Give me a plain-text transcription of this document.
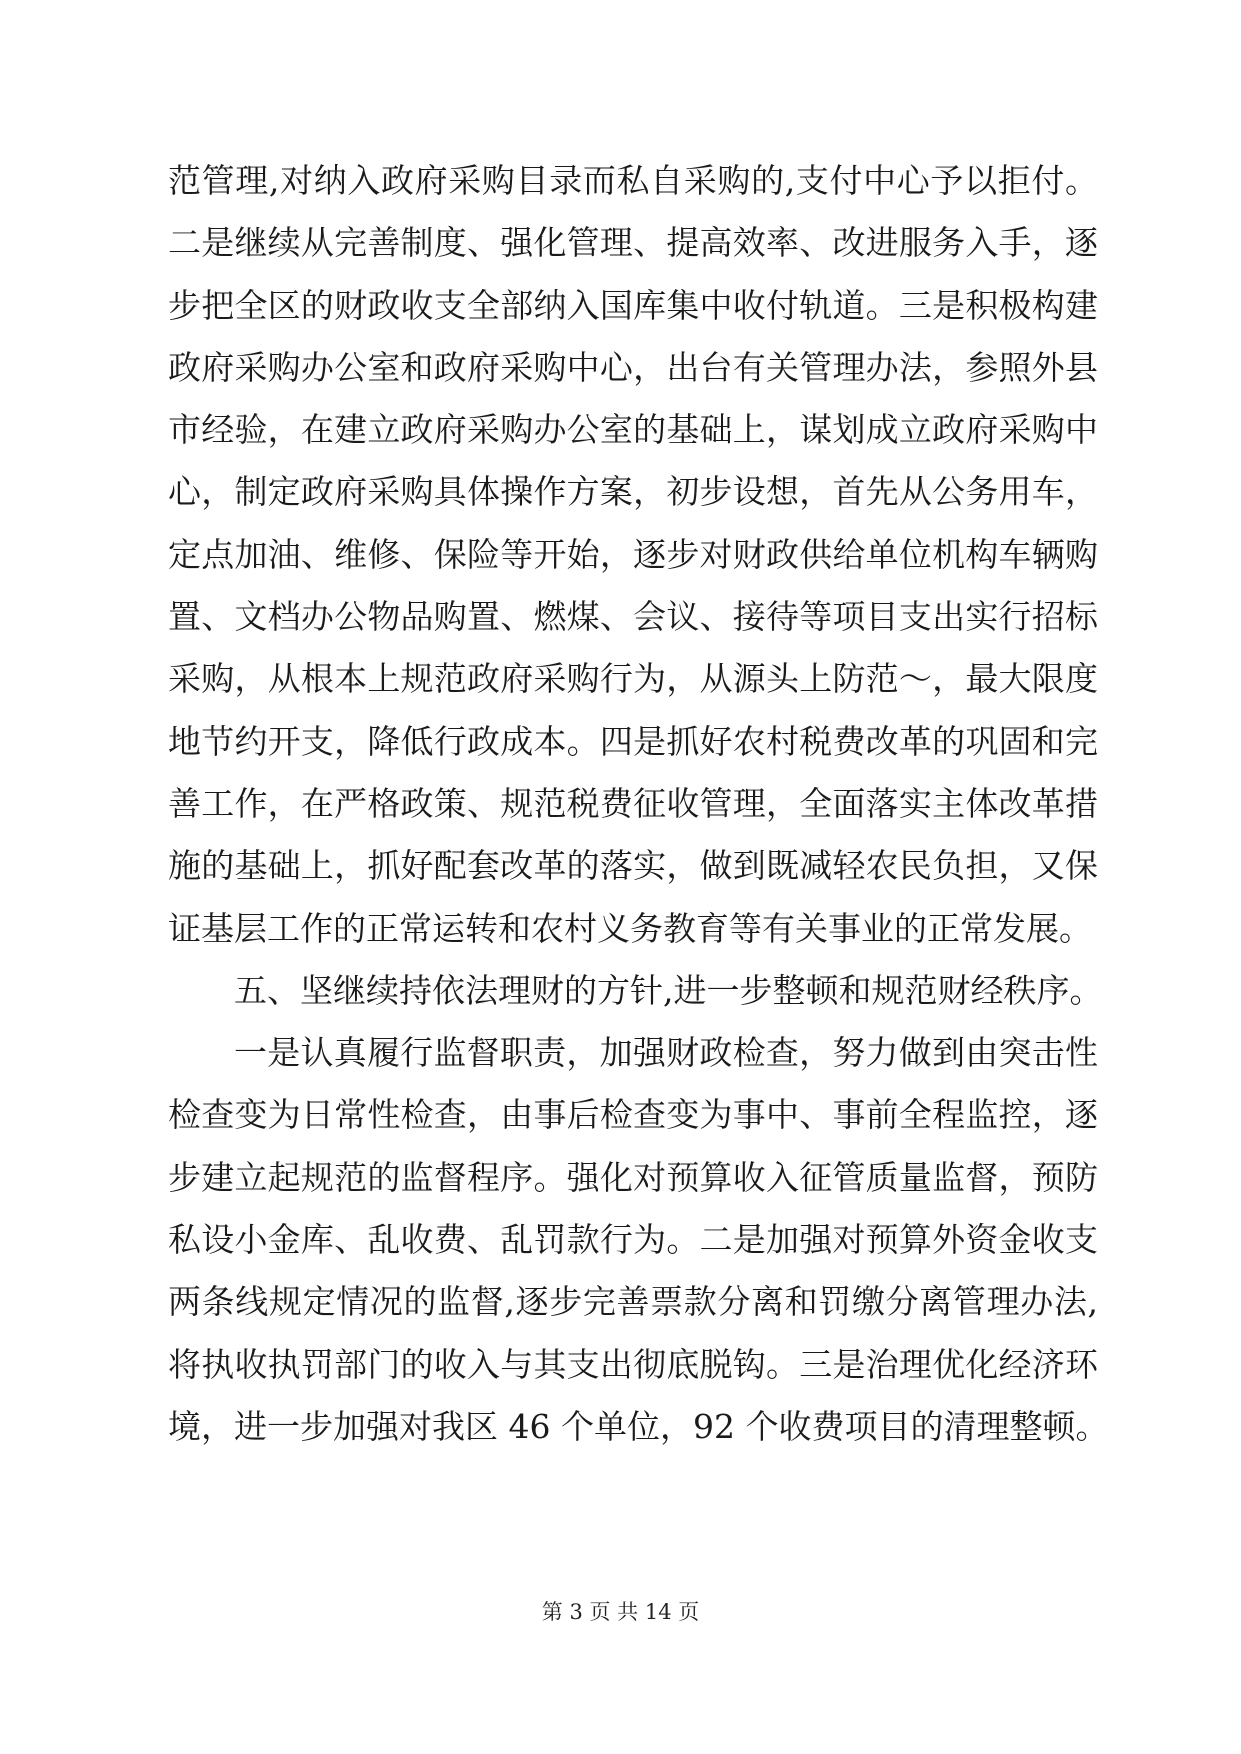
范管理,对纳入政府采购目录而私自采购的,支付中心予以拒付。
二是继续从完善制度、强化管理、提高效率、改进服务入手，逐
步把全区的财政收支全部纳入国库集中收付轨道。三是积极构建
政府采购办公室和政府采购中心，出台有关管理办法，参照外县
市经验，在建立政府采购办公室的基础上，谋划成立政府采购中
心，制定政府采购具体操作方案，初步设想，首先从公务用车，
定点加油、维修、保险等开始，逐步对财政供给单位机构车辆购
置、文档办公物品购置、燃煤、会议、接待等项目支出实行招标
采购，从根本上规范政府采购行为，从源头上防范～，最大限度
地节约开支，降低行政成本。四是抓好农村税费改革的巩固和完
善工作，在严格政策、规范税费征收管理，全面落实主体改革措
施的基础上，抓好配套改革的落实，做到既减轻农民负担，又保
证基层工作的正常运转和农村义务教育等有关事业的正常发展。
五、坚继续持依法理财的方针,进一步整顿和规范财经秩序。
一是认真履行监督职责，加强财政检查，努力做到由突击性
检查变为日常性检查，由事后检查变为事中、事前全程监控，逐
步建立起规范的监督程序。强化对预算收入征管质量监督，预防
私设小金库、乱收费、乱罚款行为。二是加强对预算外资金收支
两条线规定情况的监督,逐步完善票款分离和罚缴分离管理办法,
将执收执罚部门的收入与其支出彻底脱钩。三是治理优化经济环
境，进一步加强对我区 46 个单位，92 个收费项目的清理整顿。
第 3 页 共 14 页
